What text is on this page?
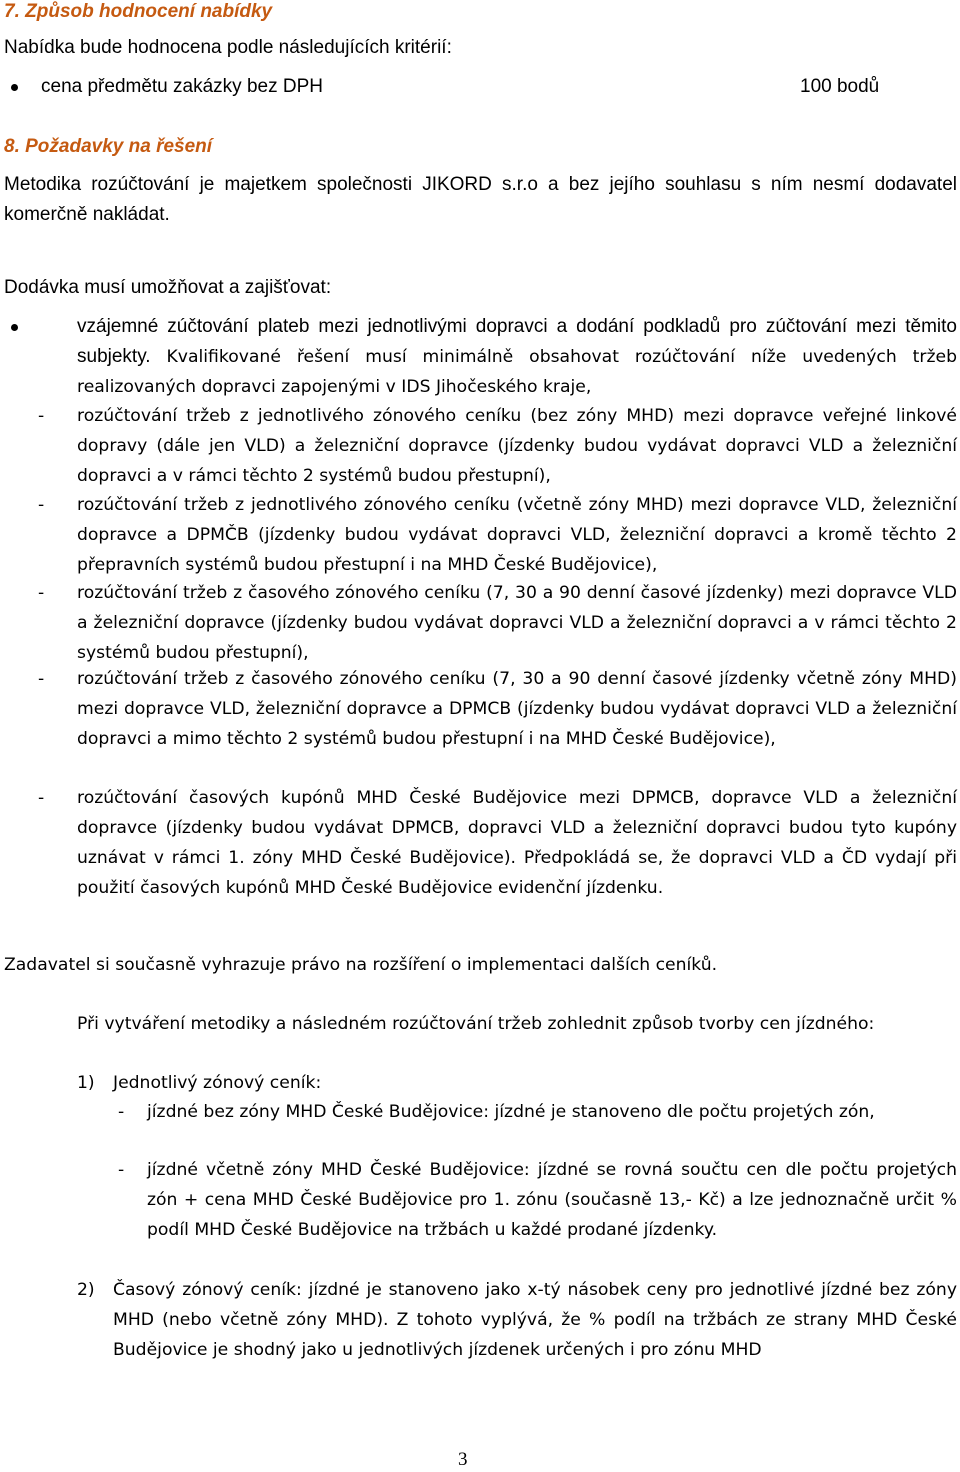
7. Způsob hodnocení nabídky
Nabídka bude hodnocena podle následujících kritérií:
cena předmětu zakázky bez DPH	100 bodů
8. Požadavky na řešení
Metodika rozúčtování je majetkem společnosti JIKORD s.r.o a bez jejího souhlasu s ním nesmí dodavatel komerčně nakládat.
Dodávka musí umožňovat a zajišťovat:
vzájemné zúčtování plateb mezi jednotlivými dopravci a dodání podkladů pro zúčtování mezi těmito subjekty. Kvalifikované řešení musí minimálně obsahovat rozúčtování níže uvedených tržeb realizovaných dopravci zapojenými v IDS Jihočeského kraje,
- rozúčtování tržeb z jednotlivého zónového ceníku (bez zóny MHD) mezi dopravce veřejné linkové dopravy (dále jen VLD) a železniční dopravce (jízdenky budou vydávat dopravci VLD a železniční dopravci a v rámci těchto 2 systémů budou přestupní),
- rozúčtování tržeb z jednotlivého zónového ceníku (včetně zóny MHD) mezi dopravce VLD, železniční dopravce a DPMČB (jízdenky budou vydávat dopravci VLD, železniční dopravci a kromě těchto 2 přepravních systémů budou přestupní i na MHD České Budějovice),
- rozúčtování tržeb z časového zónového ceníku (7, 30 a 90 denní časové jízdenky) mezi dopravce VLD a železniční dopravce (jízdenky budou vydávat dopravci VLD a železniční dopravci a v rámci těchto 2 systémů budou přestupní),
- rozúčtování tržeb z časového zónového ceníku (7, 30 a 90 denní časové jízdenky včetně zóny MHD) mezi dopravce VLD, železniční dopravce a DPMCB (jízdenky budou vydávat dopravci VLD a železniční dopravci a mimo těchto 2 systémů budou přestupní i na MHD České Budějovice),
- rozúčtování časových kupónů MHD České Budějovice mezi DPMCB, dopravce VLD a železniční dopravce (jízdenky budou vydávat DPMCB, dopravci VLD a železniční dopravci budou tyto kupóny uznávat v rámci 1. zóny MHD České Budějovice). Předpokládá se, že dopravci VLD a ČD vydají při použití časových kupónů MHD České Budějovice evidenční jízdenku.
Zadavatel si současně vyhrazuje právo na rozšíření o implementaci dalších ceníků.
Při vytváření metodiky a následném rozúčtování tržeb zohlednit způsob tvorby cen jízdného:
1) Jednotlivý zónový ceník:
- jízdné bez zóny MHD České Budějovice: jízdné je stanoveno dle počtu projetých zón,
- jízdné včetně zóny MHD České Budějovice: jízdné se rovná součtu cen dle počtu projetých zón + cena MHD České Budějovice pro 1. zónu (současně 13,- Kč) a lze jednoznačně určit % podíl MHD České Budějovice na tržbách u každé prodané jízdenky.
2) Časový zónový ceník: jízdné je stanoveno jako x-tý násobek ceny pro jednotlivé jízdné bez zóny MHD (nebo včetně zóny MHD). Z tohoto vyplývá, že % podíl na tržbách ze strany MHD České Budějovice je shodný jako u jednotlivých jízdenek určených i pro zónu MHD
3
